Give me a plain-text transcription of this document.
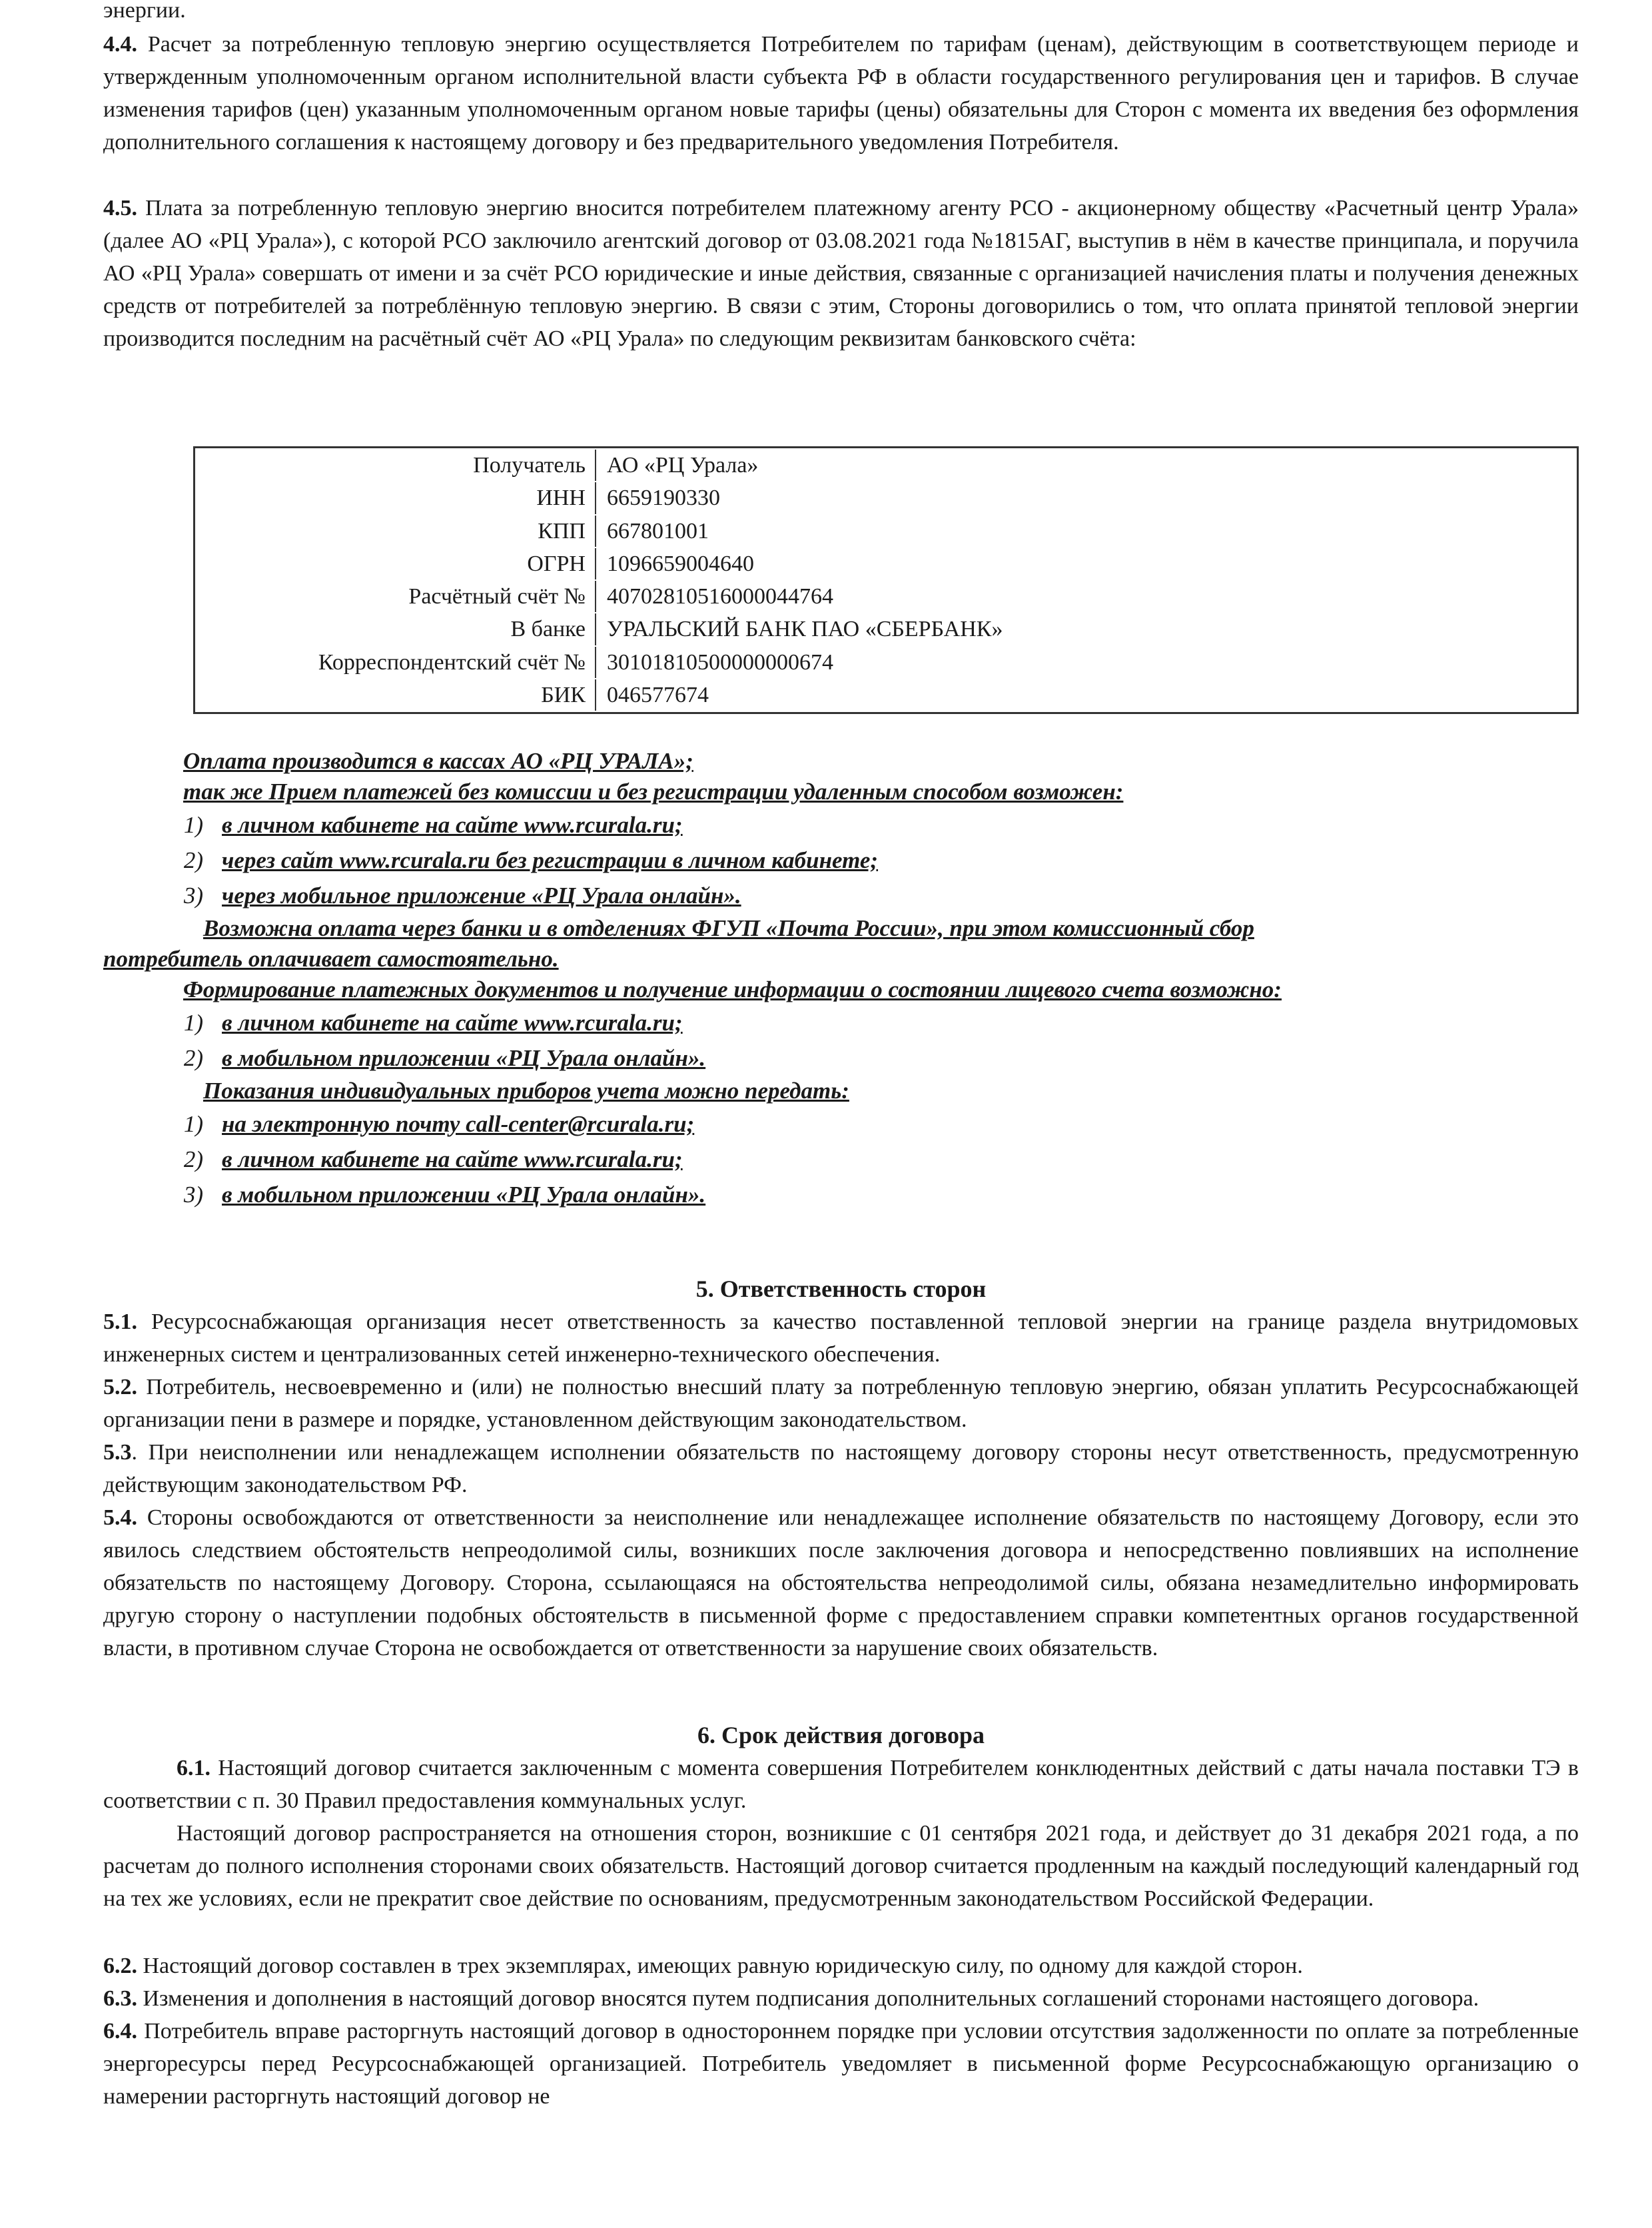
энергии.

4.4. Расчет за потребленную тепловую энергию осуществляется Потребителем по тарифам (ценам), действующим в соответствующем периоде и утвержденным уполномоченным органом исполнительной власти субъекта РФ в области государственного регулирования цен и тарифов. В случае изменения тарифов (цен) указанным уполномоченным органом новые тарифы (цены) обязательны для Сторон с момента их введения без оформления дополнительного соглашения к настоящему договору и без предварительного уведомления Потребителя.

4.5. Плата за потребленную тепловую энергию вносится потребителем платежному агенту РСО - акционерному обществу «Расчетный центр Урала» (далее АО «РЦ Урала»), с которой РСО заключило агентский договор от 03.08.2021 года №1815АГ, выступив в нём в качестве принципала, и поручила АО «РЦ Урала» совершать от имени и за счёт РСО юридические и иные действия, связанные с организацией начисления платы и получения денежных средств от потребителей за потреблённую тепловую энергию. В связи с этим, Стороны договорились о том, что оплата принятой тепловой энергии производится последним на расчётный счёт АО «РЦ Урала» по следующим реквизитам банковского счёта:

Получатель	АО «РЦ Урала»
ИНН	6659190330
КПП	667801001
ОГРН	1096659004640
Расчётный счёт №	40702810516000044764
В банке	УРАЛЬСКИЙ БАНК ПАО «СБЕРБАНК»
Корреспондентский счёт №	30101810500000000674
БИК	046577674

Оплата производится в кассах АО «РЦ УРАЛА»;

так же Прием платежей без комиссии и без регистрации удаленным способом возможен:

1) в личном кабинете на сайте www.rcurala.ru;
2) через сайт www.rcurala.ru без регистрации в личном кабинете;
3) через мобильное приложение «РЦ Урала онлайн».

Возможна оплата через банки и в отделениях ФГУП «Почта России», при этом комиссионный сбор

потребитель оплачивает самостоятельно.

Формирование платежных документов и получение информации о состоянии лицевого счета возможно:

1) в личном кабинете на сайте www.rcurala.ru;
2) в мобильном приложении «РЦ Урала онлайн».

Показания индивидуальных приборов учета можно передать:

1) на электронную почту call-center@rcurala.ru;
2) в личном кабинете на сайте www.rcurala.ru;
3) в мобильном приложении «РЦ Урала онлайн».

5. Ответственность сторон

5.1. Ресурсоснабжающая организация несет ответственность за качество поставленной тепловой энергии на границе раздела внутридомовых инженерных систем и централизованных сетей инженерно-технического обеспечения.

5.2. Потребитель, несвоевременно и (или) не полностью внесший плату за потребленную тепловую энергию, обязан уплатить Ресурсоснабжающей организации пени в размере и порядке, установленном действующим законодательством.

5.3. При неисполнении или ненадлежащем исполнении обязательств по настоящему договору стороны несут ответственность, предусмотренную действующим законодательством РФ.

5.4. Стороны освобождаются от ответственности за неисполнение или ненадлежащее исполнение обязательств по настоящему Договору, если это явилось следствием обстоятельств непреодолимой силы, возникших после заключения договора и непосредственно повлиявших на исполнение обязательств по настоящему Договору. Сторона, ссылающаяся на обстоятельства непреодолимой силы, обязана незамедлительно информировать другую сторону о наступлении подобных обстоятельств в письменной форме с предоставлением справки компетентных органов государственной власти, в противном случае Сторона не освобождается от ответственности за нарушение своих обязательств.

6. Срок действия договора

6.1. Настоящий договор считается заключенным с момента совершения Потребителем конклюдентных действий с даты начала поставки ТЭ в соответствии с п. 30 Правил предоставления коммунальных услуг.

Настоящий договор распространяется на отношения сторон, возникшие с 01 сентября 2021 года, и действует до 31 декабря 2021 года, а по расчетам до полного исполнения сторонами своих обязательств. Настоящий договор считается продленным на каждый последующий календарный год на тех же условиях, если не прекратит свое действие по основаниям, предусмотренным законодательством Российской Федерации.

6.2. Настоящий договор составлен в трех экземплярах, имеющих равную юридическую силу, по одному для каждой сторон.

6.3. Изменения и дополнения в настоящий договор вносятся путем подписания дополнительных соглашений сторонами настоящего договора.

6.4. Потребитель вправе расторгнуть настоящий договор в одностороннем порядке при условии отсутствия задолженности по оплате за потребленные энергоресурсы перед Ресурсоснабжающей организацией. Потребитель уведомляет в письменной форме Ресурсоснабжающую организацию о намерении расторгнуть настоящий договор не
